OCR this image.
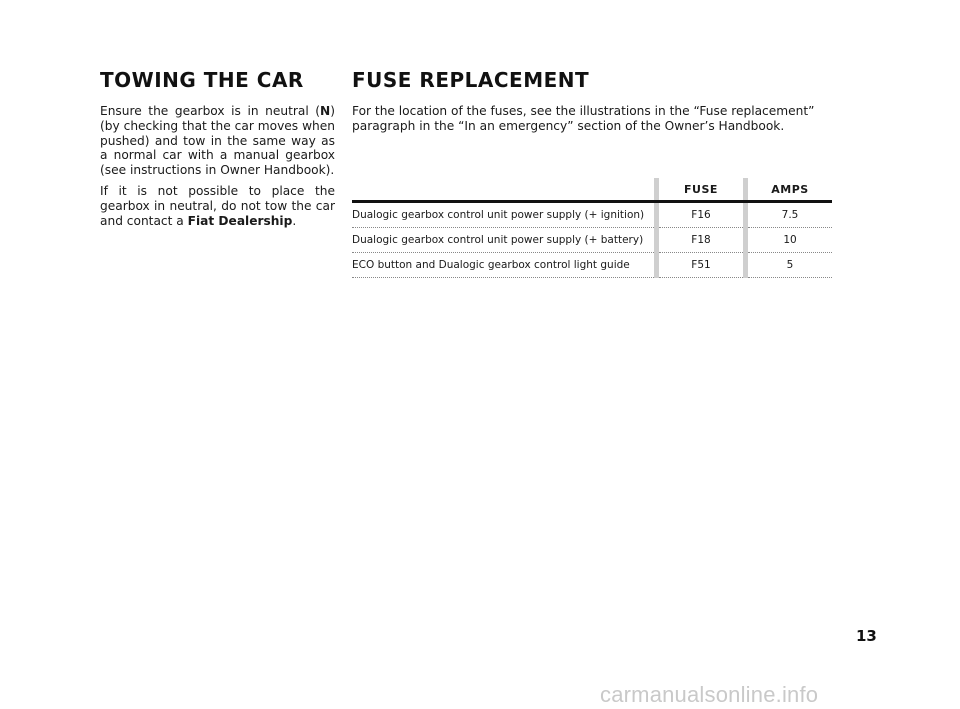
TOWING THE CAR

Ensure the gearbox is in neutral (N) (by checking that the car moves when pushed) and tow in the same way as a normal car with a manual gearbox (see instructions in Owner Handbook).

If it is not possible to place the gearbox in neutral, do not tow the car and contact a Fiat Dealership.

FUSE REPLACEMENT

For the location of the fuses, see the illustrations in the “Fuse replacement” paragraph in the “In an emergency” section of the Owner’s Handbook.

		FUSE		AMPS
Dualogic gearbox control unit power supply (+ ignition)		F16		7.5
Dualogic gearbox control unit power supply (+ battery)		F18		10
ECO button and Dualogic gearbox control light guide		F51		5
13
carmanualsonline.info
